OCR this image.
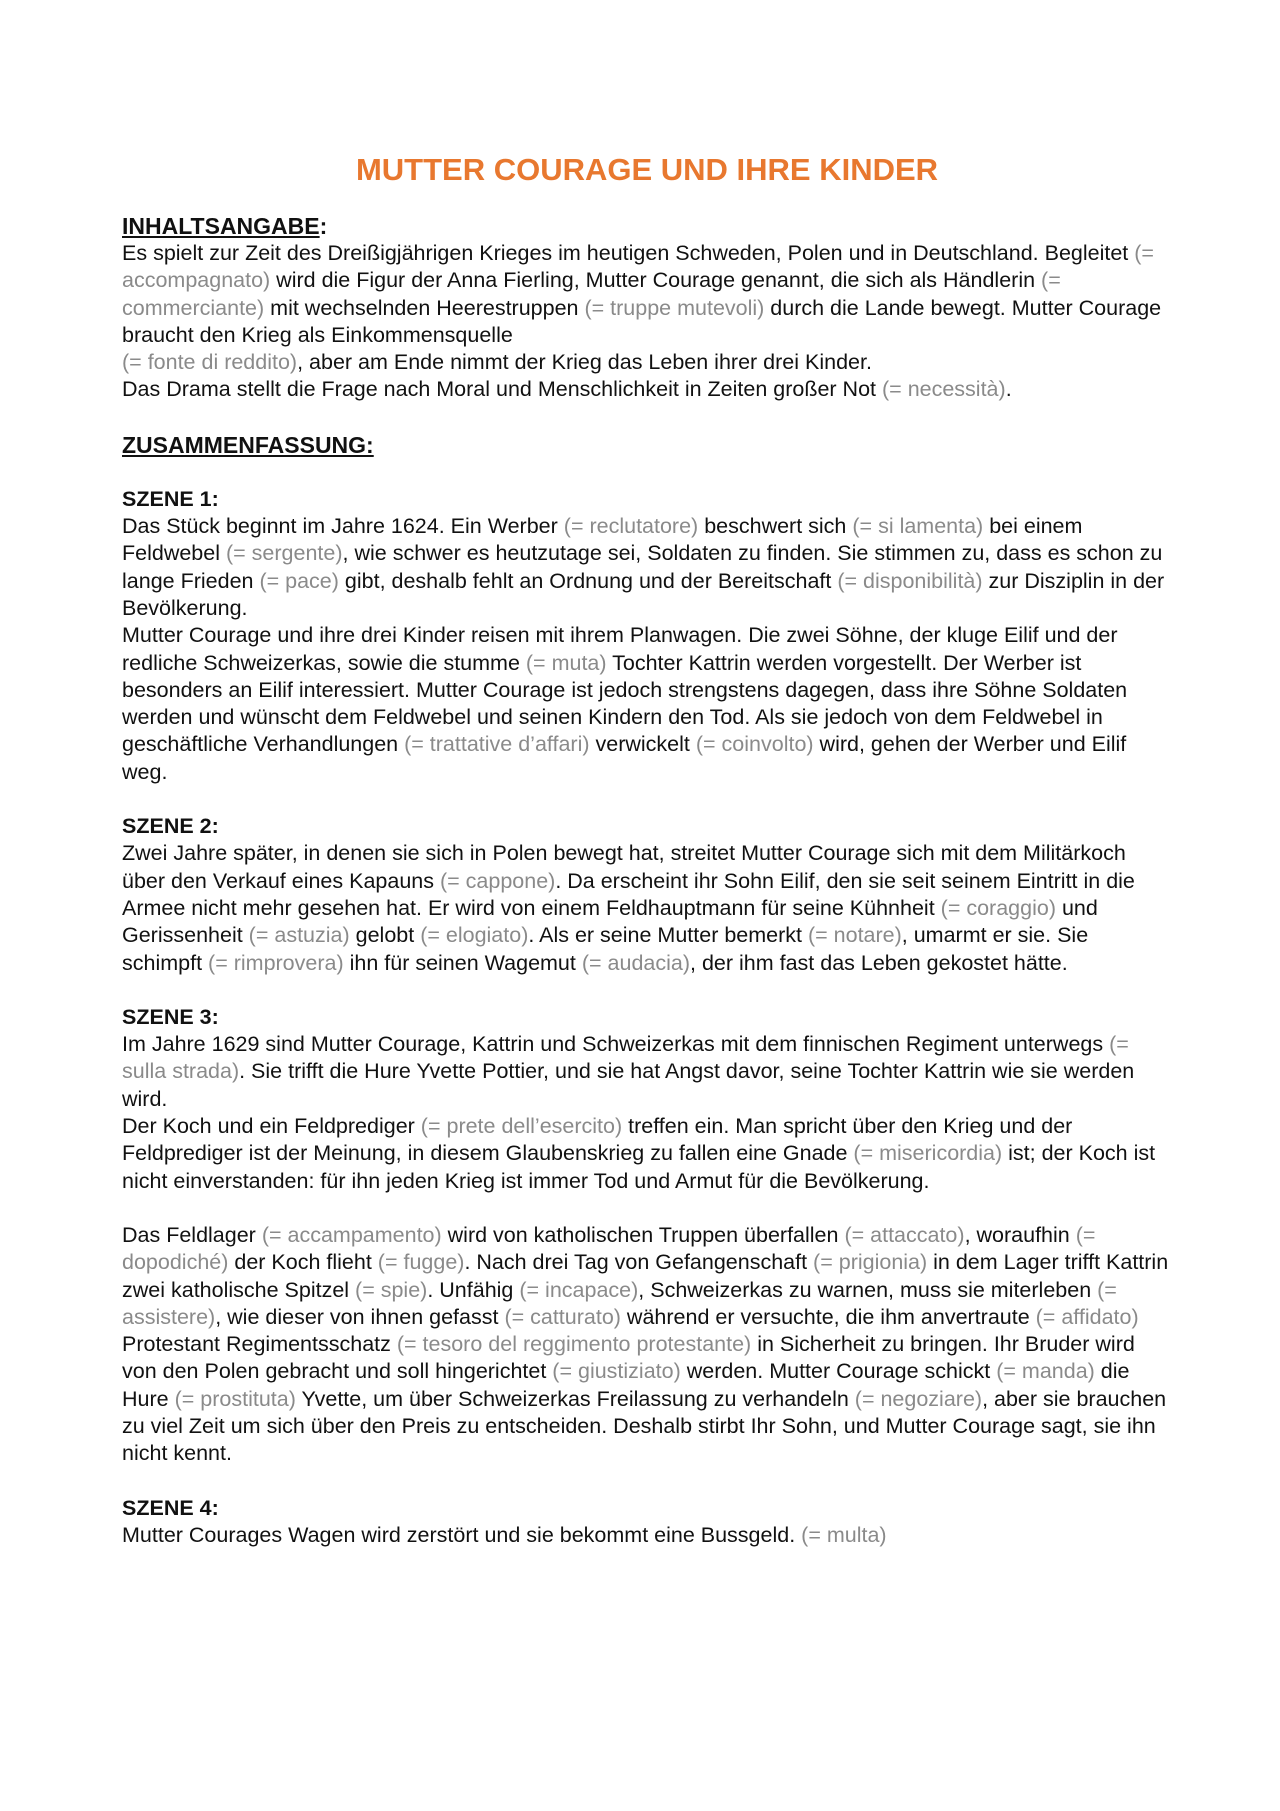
MUTTER COURAGE UND IHRE KINDER
INHALTSANGABE:
Es spielt zur Zeit des Dreißigjährigen Krieges im heutigen Schweden, Polen und in Deutschland. Begleitet (= accompagnato) wird die Figur der Anna Fierling, Mutter Courage genannt, die sich als Händlerin (= commerciante) mit wechselnden Heerestruppen (= truppe mutevoli) durch die Lande bewegt. Mutter Courage braucht den Krieg als Einkommensquelle
(= fonte di reddito), aber am Ende nimmt der Krieg das Leben ihrer drei Kinder.
Das Drama stellt die Frage nach Moral und Menschlichkeit in Zeiten großer Not (= necessità).
ZUSAMMENFASSUNG:
SZENE 1:
Das Stück beginnt im Jahre 1624. Ein Werber (= reclutatore) beschwert sich (= si lamenta) bei einem Feldwebel (= sergente), wie schwer es heutzutage sei, Soldaten zu finden. Sie stimmen zu, dass es schon zu lange Frieden (= pace) gibt, deshalb fehlt an Ordnung und der Bereitschaft (= disponibilità) zur Disziplin in der Bevölkerung.
Mutter Courage und ihre drei Kinder reisen mit ihrem Planwagen. Die zwei Söhne, der kluge Eilif und der redliche Schweizerkas, sowie die stumme (= muta) Tochter Kattrin werden vorgestellt. Der Werber ist besonders an Eilif interessiert. Mutter Courage ist jedoch strengstens dagegen, dass ihre Söhne Soldaten werden und wünscht dem Feldwebel und seinen Kindern den Tod. Als sie jedoch von dem Feldwebel in geschäftliche Verhandlungen (= trattative d’affari) verwickelt (= coinvolto) wird, gehen der Werber und Eilif weg.
SZENE 2:
Zwei Jahre später, in denen sie sich in Polen bewegt hat, streitet Mutter Courage sich mit dem Militärkoch über den Verkauf eines Kapauns (= cappone). Da erscheint ihr Sohn Eilif, den sie seit seinem Eintritt in die Armee nicht mehr gesehen hat. Er wird von einem Feldhauptmann für seine Kühnheit (= coraggio) und Gerissenheit (= astuzia) gelobt (= elogiato). Als er seine Mutter bemerkt (= notare), umarmt er sie. Sie schimpft (= rimprovera) ihn für seinen Wagemut (= audacia), der ihm fast das Leben gekostet hätte.
SZENE 3:
Im Jahre 1629 sind Mutter Courage, Kattrin und Schweizerkas mit dem finnischen Regiment unterwegs (= sulla strada). Sie trifft die Hure Yvette Pottier, und sie hat Angst davor, seine Tochter Kattrin wie sie werden wird.
Der Koch und ein Feldprediger (= prete dell’esercito) treffen ein. Man spricht über den Krieg und der Feldprediger ist der Meinung, in diesem Glaubenskrieg zu fallen eine Gnade (= misericordia) ist; der Koch ist nicht einverstanden: für ihn jeden Krieg ist immer Tod und Armut für die Bevölkerung.
Das Feldlager (= accampamento) wird von katholischen Truppen überfallen (= attaccato), woraufhin (= dopodiché) der Koch flieht (= fugge). Nach drei Tag von Gefangenschaft (= prigionia) in dem Lager trifft Kattrin zwei katholische Spitzel (= spie). Unfähig (= incapace), Schweizerkas zu warnen, muss sie miterleben (= assistere), wie dieser von ihnen gefasst (= catturato) während er versuchte, die ihm anvertraute (= affidato) Protestant Regimentsschatz (= tesoro del reggimento protestante) in Sicherheit zu bringen. Ihr Bruder wird von den Polen gebracht und soll hingerichtet (= giustiziato) werden. Mutter Courage schickt (= manda) die Hure (= prostituta) Yvette, um über Schweizerkas Freilassung zu verhandeln (= negoziare), aber sie brauchen zu viel Zeit um sich über den Preis zu entscheiden. Deshalb stirbt Ihr Sohn, und Mutter Courage sagt, sie ihn nicht kennt.
SZENE 4:
Mutter Courages Wagen wird zerstört und sie bekommt eine Bussgeld. (= multa)
